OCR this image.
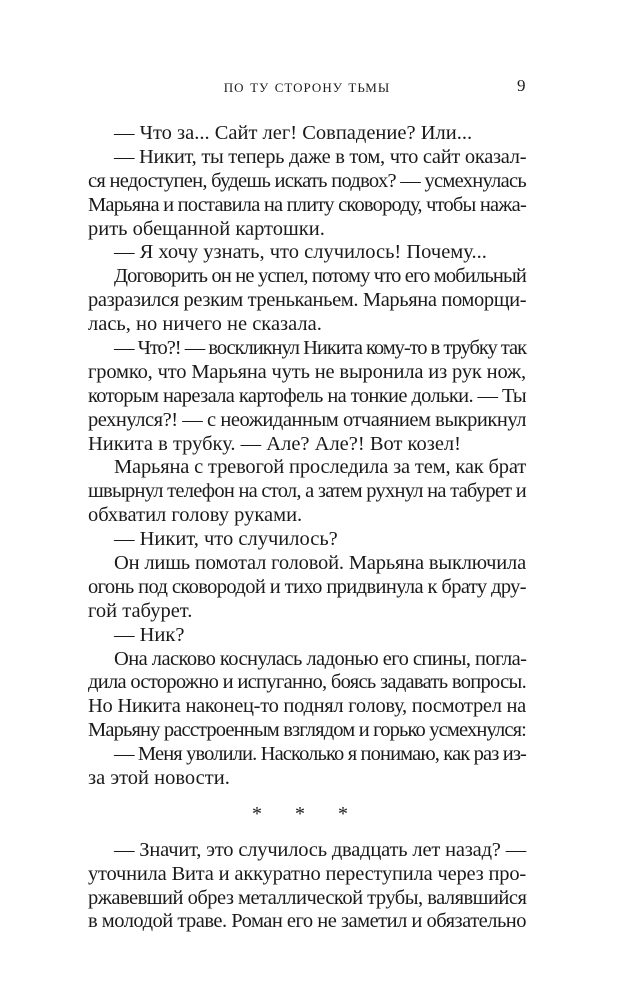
по ту сторону тьмы	9
— Что за... Сайт лег! Совпадение? Или...
— Никит, ты теперь даже в том, что сайт оказал-
ся недоступен, будешь искать подвох? — усмехнулась
Марьяна и поставила на плиту сковороду, чтобы нажа-
рить обещанной картошки.
— Я хочу узнать, что случилось! Почему...
Договорить он не успел, потому что его мобильный
разразился резким треньканьем. Марьяна поморщи-
лась, но ничего не сказала.
— Что?! — воскликнул Никита кому-то в трубку так
громко, что Марьяна чуть не выронила из рук нож,
которым нарезала картофель на тонкие дольки. — Ты
рехнулся?! — с неожиданным отчаянием выкрикнул
Никита в трубку. — Але? Але?! Вот козел!
Марьяна с тревогой проследила за тем, как брат
швырнул телефон на стол, а затем рухнул на табурет и
обхватил голову руками.
— Никит, что случилось?
Он лишь помотал головой. Марьяна выключила
огонь под сковородой и тихо придвинула к брату дру-
гой табурет.
— Ник?
Она ласково коснулась ладонью его спины, погла-
дила осторожно и испуганно, боясь задавать вопросы.
Но Никита наконец-то поднял голову, посмотрел на
Марьяну расстроенным взглядом и горько усмехнулся:
— Меня уволили. Насколько я понимаю, как раз из-
за этой новости.
* * *
— Значит, это случилось двадцать лет назад? —
уточнила Вита и аккуратно переступила через про-
ржавевший обрез металлической трубы, валявшийся
в молодой траве. Роман его не заметил и обязательно
